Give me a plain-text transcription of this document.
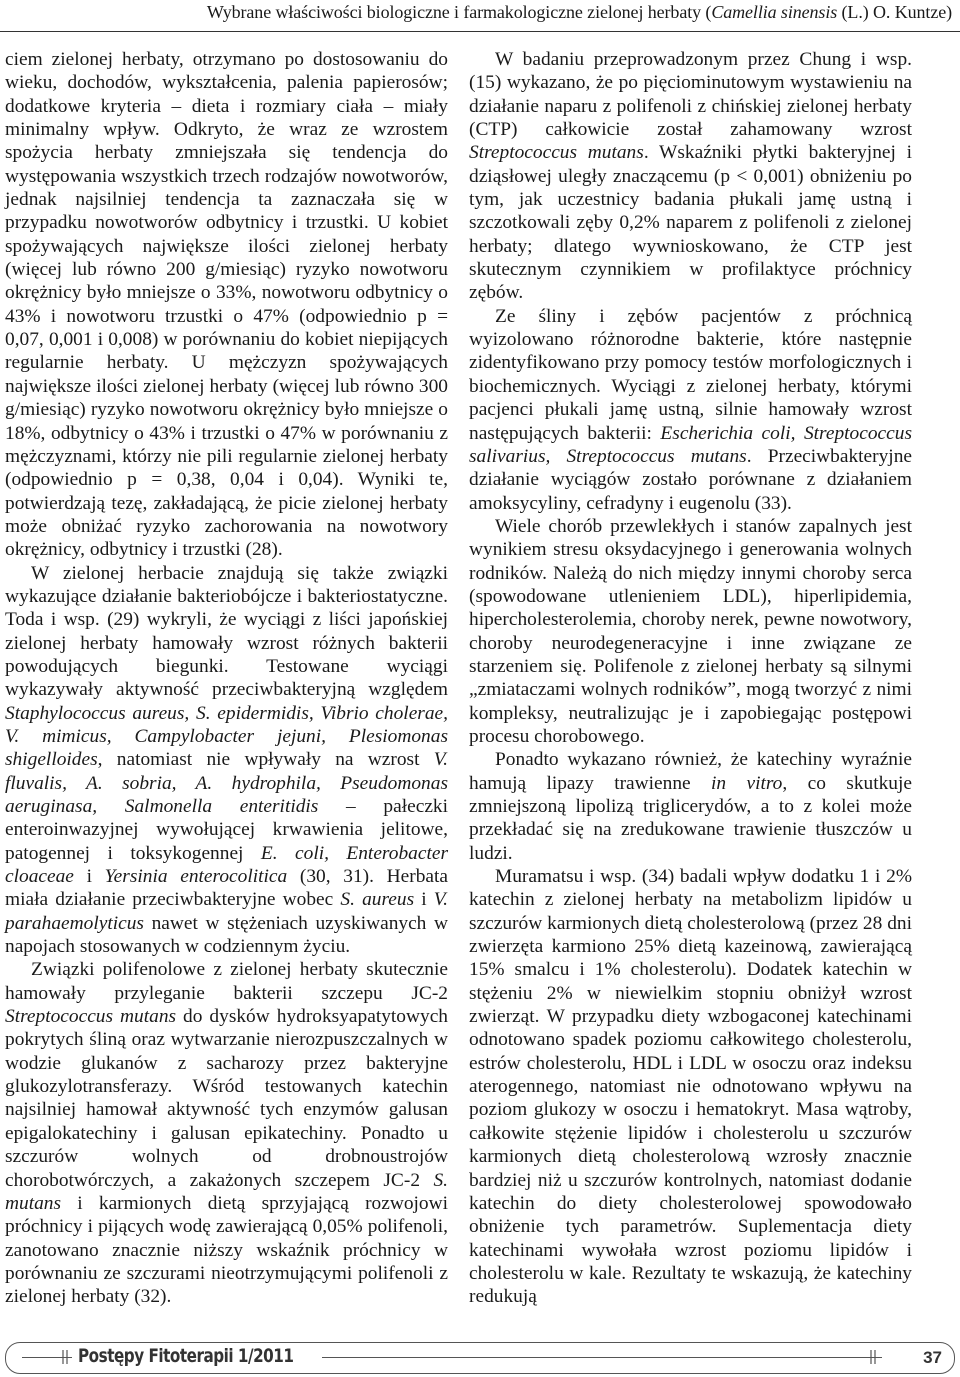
Wybrane właściwości biologiczne i farmakologiczne zielonej herbaty (Camellia sinensis (L.) O. Kuntze)

ciem zielonej herbaty, otrzymano po dostosowaniu do wieku, dochodów, wykształcenia, palenia papierosów; dodatkowe kryteria – dieta i rozmiary ciała – miały minimalny wpływ. Odkryto, że wraz ze wzrostem spożycia herbaty zmniejszała się tendencja do występowania wszystkich trzech rodzajów nowotworów, jednak najsilniej tendencja ta zaznaczała się w przypadku nowotworów odbytnicy i trzustki. U kobiet spożywających największe ilości zielonej herbaty (więcej lub równo 200 g/miesiąc) ryzyko nowotworu okrężnicy było mniejsze o 33%, nowotworu odbytnicy o 43% i nowotworu trzustki o 47% (odpowiednio p = 0,07, 0,001 i 0,008) w porównaniu do kobiet niepijących regularnie herbaty. U mężczyzn spożywających największe ilości zielonej herbaty (więcej lub równo 300 g/miesiąc) ryzyko nowotworu okrężnicy było mniejsze o 18%, odbytnicy o 43% i trzustki o 47% w porównaniu z mężczyznami, którzy nie pili regularnie zielonej herbaty (odpowiednio p = 0,38, 0,04 i 0,04). Wyniki te, potwierdzają tezę, zakładającą, że picie zielonej herbaty może obniżać ryzyko zachorowania na nowotwory okrężnicy, odbytnicy i trzustki (28).

W zielonej herbacie znajdują się także związki wykazujące działanie bakteriobójcze i bakteriostatyczne. Toda i wsp. (29) wykryli, że wyciągi z liści japońskiej zielonej herbaty hamowały wzrost różnych bakterii powodujących biegunki. Testowane wyciągi wykazywały aktywność przeciwbakteryjną względem Staphylococcus aureus, S. epidermidis, Vibrio cholerae, V. mimicus, Campylobacter jejuni, Plesiomonas shigelloides, natomiast nie wpływały na wzrost V. fluvalis, A. sobria, A. hydrophila, Pseudomonas aeruginasa, Salmonella enteritidis – pałeczki enteroinwazyjnej wywołującej krwawienia jelitowe, patogennej i toksykogennej E. coli, Enterobacter cloaceae i Yersinia enterocolitica (30, 31). Herbata miała działanie przeciwbakteryjne wobec S. aureus i V. parahaemolyticus nawet w stężeniach uzyskiwanych w napojach stosowanych w codziennym życiu.

Związki polifenolowe z zielonej herbaty skutecznie hamowały przyleganie bakterii szczepu JC-2 Streptococcus mutans do dysków hydroksyapatytowych pokrytych śliną oraz wytwarzanie nierozpuszczalnych w wodzie glukanów z sacharozy przez bakteryjne glukozylotransferazy. Wśród testowanych katechin najsilniej hamował aktywność tych enzymów galusan epigalokatechiny i galusan epikatechiny. Ponadto u szczurów wolnych od drobnoustrojów chorobotwórczych, a zakażonych szczepem JC-2 S. mutans i karmionych dietą sprzyjającą rozwojowi próchnicy i pijących wodę zawierającą 0,05% polifenoli, zanotowano znacznie niższy wskaźnik próchnicy w porównaniu ze szczurami nieotrzymującymi polifenoli z zielonej herbaty (32).

W badaniu przeprowadzonym przez Chung i wsp. (15) wykazano, że po pięciominutowym wystawieniu na działanie naparu z polifenoli z chińskiej zielonej herbaty (CTP) całkowicie został zahamowany wzrost Streptococcus mutans. Wskaźniki płytki bakteryjnej i dziąsłowej uległy znaczącemu (p < 0,001) obniżeniu po tym, jak uczestnicy badania płukali jamę ustną i szczotkowali zęby 0,2% naparem z polifenoli z zielonej herbaty; dlatego wywnioskowano, że CTP jest skutecznym czynnikiem w profilaktyce próchnicy zębów.

Ze śliny i zębów pacjentów z próchnicą wyizolowano różnorodne bakterie, które następnie zidentyfikowano przy pomocy testów morfologicznych i biochemicznych. Wyciągi z zielonej herbaty, którymi pacjenci płukali jamę ustną, silnie hamowały wzrost następujących bakterii: Escherichia coli, Streptococcus salivarius, Streptococcus mutans. Przeciwbakteryjne działanie wyciągów zostało porównane z działaniem amoksycyliny, cefradyny i eugenolu (33).

Wiele chorób przewlekłych i stanów zapalnych jest wynikiem stresu oksydacyjnego i generowania wolnych rodników. Należą do nich między innymi choroby serca (spowodowane utlenieniem LDL), hiperlipidemia, hipercholesterolemia, choroby nerek, pewne nowotwory, choroby neurodegeneracyjne i inne związane ze starzeniem się. Polifenole z zielonej herbaty są silnymi „zmiataczami wolnych rodników”, mogą tworzyć z nimi kompleksy, neutralizując je i zapobiegając postępowi procesu chorobowego.

Ponadto wykazano również, że katechiny wyraźnie hamują lipazy trawienne in vitro, co skutkuje zmniejszoną lipolizą triglicerydów, a to z kolei może przekładać się na zredukowane trawienie tłuszczów u ludzi.

Muramatsu i wsp. (34) badali wpływ dodatku 1 i 2% katechin z zielonej herbaty na metabolizm lipidów u szczurów karmionych dietą cholesterolową (przez 28 dni zwierzęta karmiono 25% dietą kazeinową, zawierającą 15% smalcu i 1% cholesterolu). Dodatek katechin w stężeniu 2% w niewielkim stopniu obniżył wzrost zwierząt. W przypadku diety wzbogaconej katechinami odnotowano spadek poziomu całkowitego cholesterolu, estrów cholesterolu, HDL i LDL w osoczu oraz indeksu aterogennego, natomiast nie odnotowano wpływu na poziom glukozy w osoczu i hematokryt. Masa wątroby, całkowite stężenie lipidów i cholesterolu u szczurów karmionych dietą cholesterolową wzrosły znacznie bardziej niż u szczurów kontrolnych, natomiast dodanie katechin do diety cholesterolowej spowodowało obniżenie tych parametrów. Suplementacja diety katechinami wywołała wzrost poziomu lipidów i cholesterolu w kale. Rezultaty te wskazują, że katechiny redukują

Postępy Fitoterapii 1/2011	37
